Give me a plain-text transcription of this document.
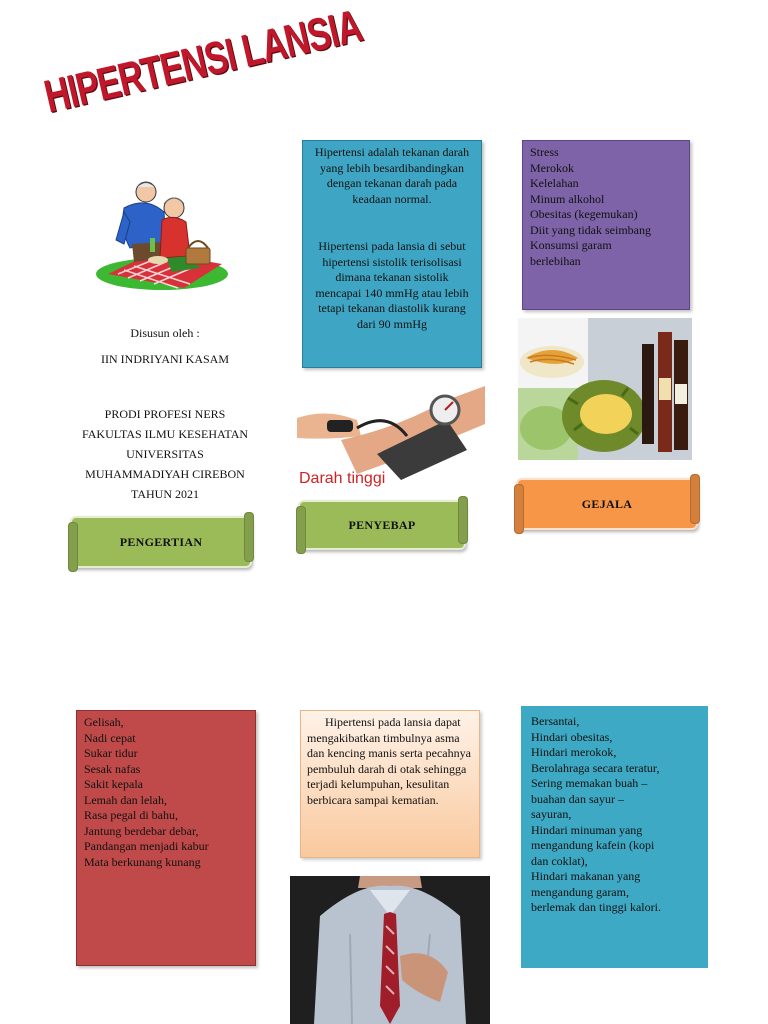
HIPERTENSI LANSIA
Disusun oleh :
IIN INDRIYANI KASAM
PRODI PROFESI NERS
FAKULTAS ILMU KESEHATAN
UNIVERSITAS
MUHAMMADIYAH CIREBON
TAHUN 2021
PENGERTIAN
Hipertensi adalah tekanan darah yang lebih besardibandingkan dengan tekanan darah pada keadaan normal.
Hipertensi pada lansia di sebut hipertensi sistolik terisolisasi dimana tekanan sistolik mencapai 140 mmHg atau lebih tetapi tekanan diastolik kurang dari 90 mmHg
Darah tinggi
PENYEBAP
Stress
Merokok
Kelelahan
Minum alkohol
Obesitas (kegemukan)
Diit yang tidak seimbang
Konsumsi garam
berlebihan
GEJALA
Gelisah,
Nadi cepat
Sukar tidur
Sesak nafas
Sakit kepala
Lemah dan lelah,
Rasa pegal di bahu,
Jantung berdebar debar,
Pandangan menjadi kabur
Mata berkunang kunang
Hipertensi pada lansia dapat mengakibatkan timbulnya asma dan kencing manis serta pecahnya pembuluh darah di otak sehingga terjadi kelumpuhan, kesulitan berbicara sampai kematian.
Bersantai,
Hindari obesitas,
Hindari merokok,
Berolahraga secara teratur,
Sering memakan buah –
buahan dan sayur –
sayuran,
Hindari minuman yang
mengandung kafein (kopi
dan coklat),
Hindari makanan yang
mengandung garam,
berlemak dan tinggi kalori.
